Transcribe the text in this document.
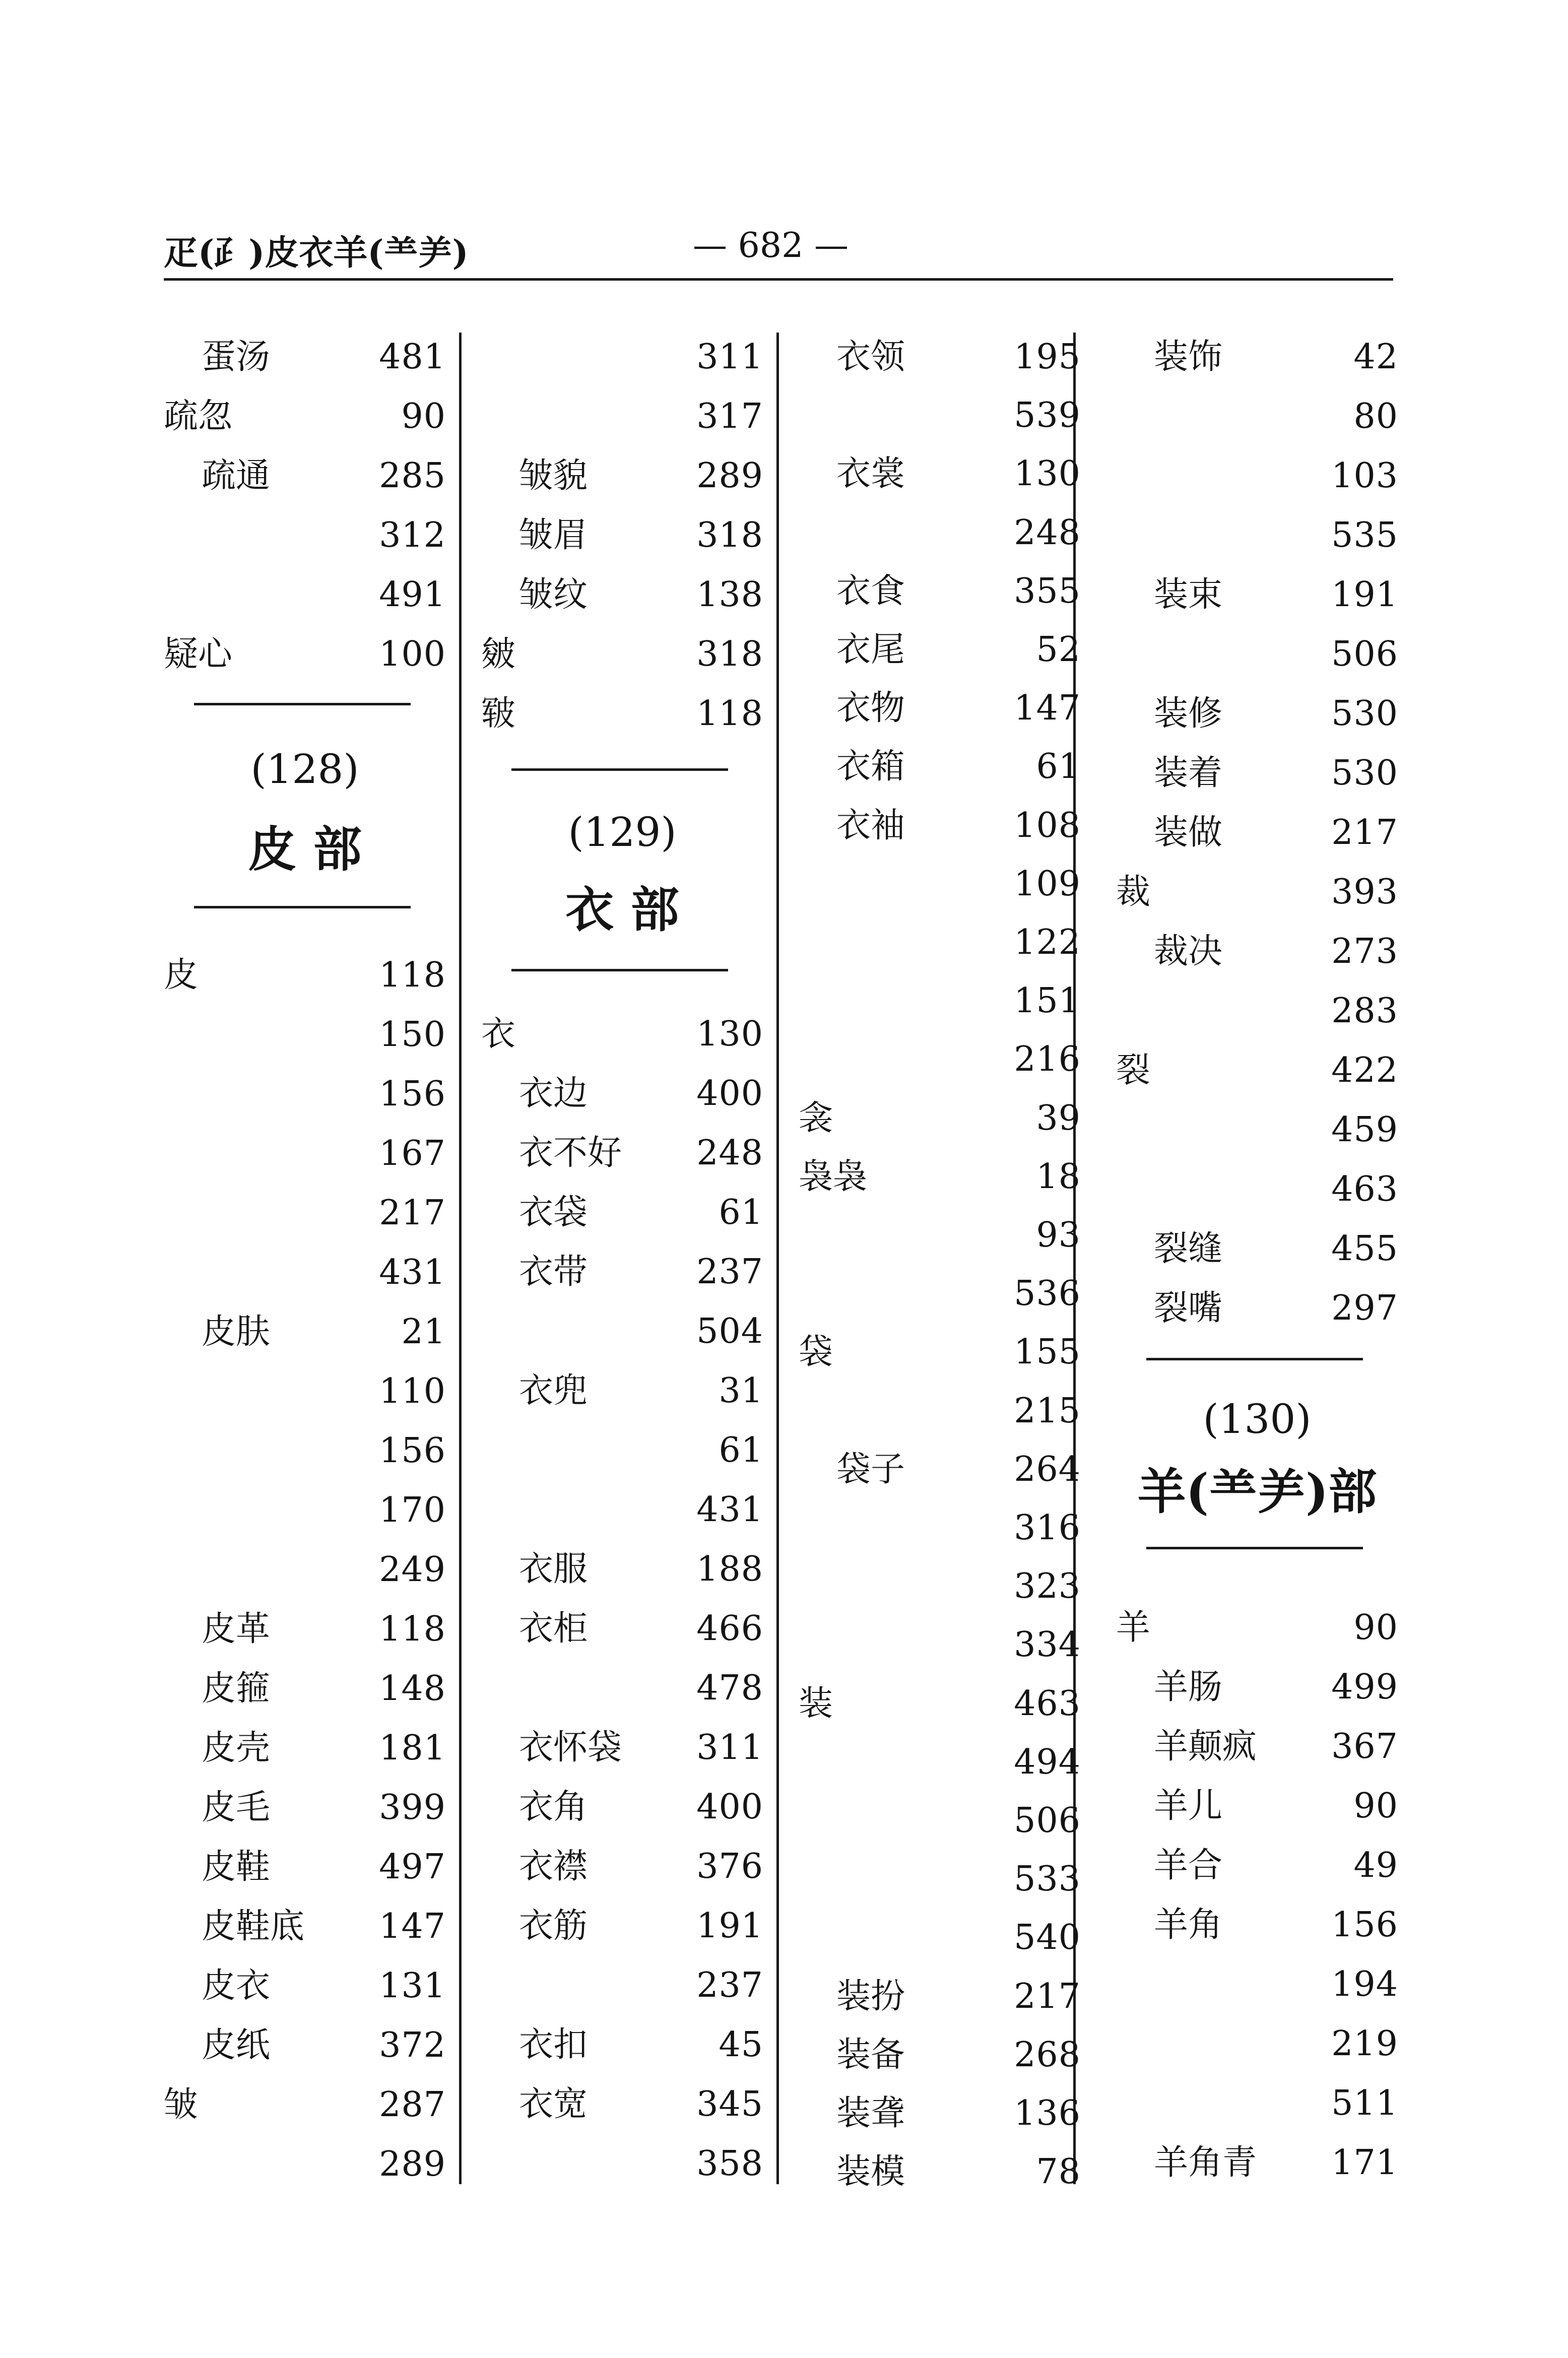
疋(⺪)皮衣羊(⺷⺶)	— 682 —
蛋汤	481
疏忽	90
疏通	285
312
491
疑心	100
(128)
皮 部
皮	118
150
156
167
217
431
皮肤	21
110
156
170
249
皮革	118
皮箍	148
皮壳	181
皮毛	399
皮鞋	497
皮鞋底 147
皮衣	131
皮纸	372
皱	287
289
311
317
皱貌	289
皱眉	318
皱纹	138
皴	318
皲	118
(129)
衣 部
衣	130
衣边	400
衣不好 248
衣袋	61
衣带	237
504
衣兜	31
61
431
衣服	188
衣柜	466
478
衣怀袋 311
衣角	400
衣襟	376
衣筋	191
237
衣扣	45
衣宽	345
358
衣领	195
539
衣裳	130
248
衣食	355
衣尾	52
衣物	147
衣箱	61
衣袖	108
109
122
151
216
衾	39
袅袅	18
93
536
袋	155
215
袋子	264
316
323
334
装	463
494
506
533
540
装扮	217
装备	268
装聋	136
装模	78
装饰	42
80
103
535
装束	191
506
装修	530
装着	530
装做	217
裁	393
裁决	273
283
裂	422
459
463
裂缝	455
裂嘴	297
(130)
羊(⺷⺶)部
羊	90
羊肠	499
羊颠疯 367
羊儿	90
羊合	49
羊角	156
194
219
511
羊角青 171
